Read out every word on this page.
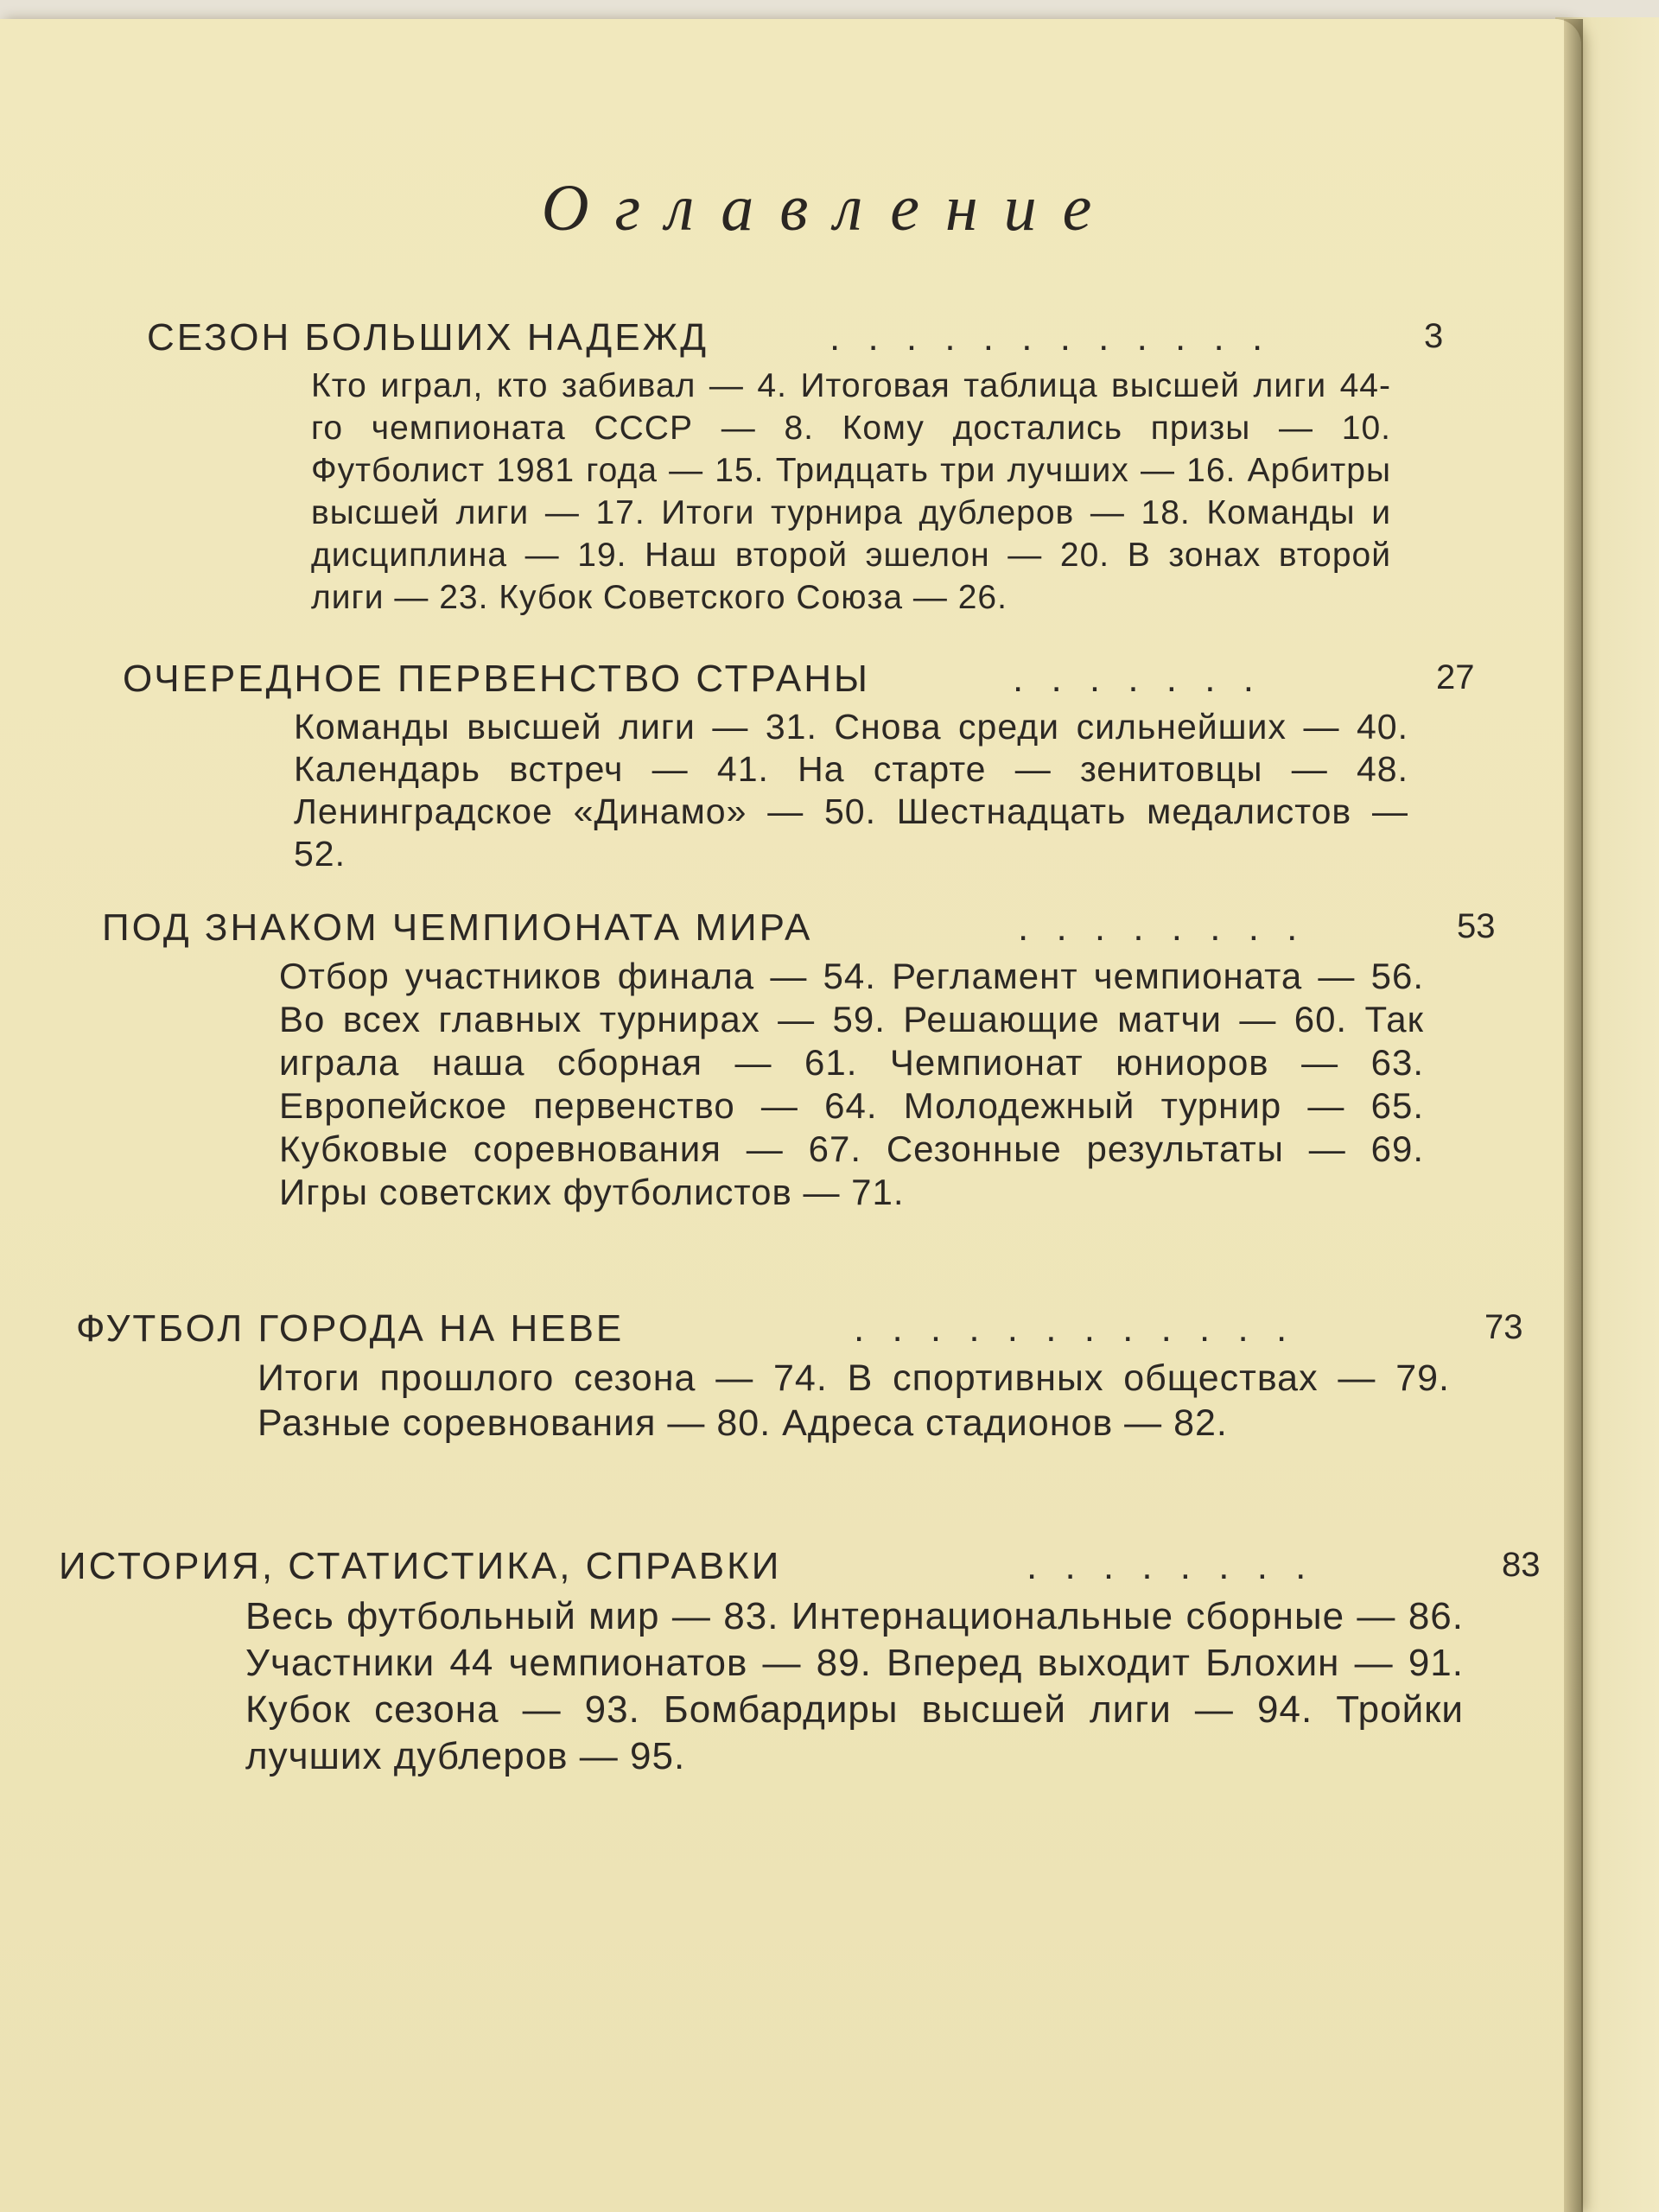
Оглавление
СЕЗОН БОЛЬШИХ НАДЕЖД	. . . . . . . . . . . .	3

Кто играл, кто забивал — 4. Итоговая таблица высшей лиги 44-го чемпионата СССР — 8. Кому достались призы — 10. Футболист 1981 года — 15. Тридцать три лучших — 16. Арбитры высшей лиги — 17. Итоги турнира дублеров — 18. Команды и дисциплина — 19. Наш второй эшелон — 20. В зонах второй лиги — 23. Кубок Советского Союза — 26.

ОЧЕРЕДНОЕ ПЕРВЕНСТВО СТРАНЫ	. . . . . . .	27

Команды высшей лиги — 31. Снова среди сильнейших — 40. Календарь встреч — 41. На старте — зенитовцы — 48. Ленинградское «Динамо» — 50. Шестнадцать медалистов — 52.

ПОД ЗНАКОМ ЧЕМПИОНАТА МИРА	. . . . . . . .	53

Отбор участников финала — 54. Регламент чемпионата — 56. Во всех главных турнирах — 59. Решающие матчи — 60. Так играла наша сборная — 61. Чемпионат юниоров — 63. Европейское первенство — 64. Молодежный турнир — 65. Кубковые соревнования — 67. Сезонные результаты — 69. Игры советских футболистов — 71.

ФУТБОЛ ГОРОДА НА НЕВЕ	. . . . . . . . . . . .	73

Итоги прошлого сезона — 74. В спортивных обществах — 79. Разные соревнования — 80. Адреса стадионов — 82.

ИСТОРИЯ, СТАТИСТИКА, СПРАВКИ	. . . . . . . .	83

Весь футбольный мир — 83. Интернациональные сборные — 86. Участники 44 чемпионатов — 89. Вперед выходит Блохин — 91. Кубок сезона — 93. Бомбардиры высшей лиги — 94. Тройки лучших дублеров — 95.
